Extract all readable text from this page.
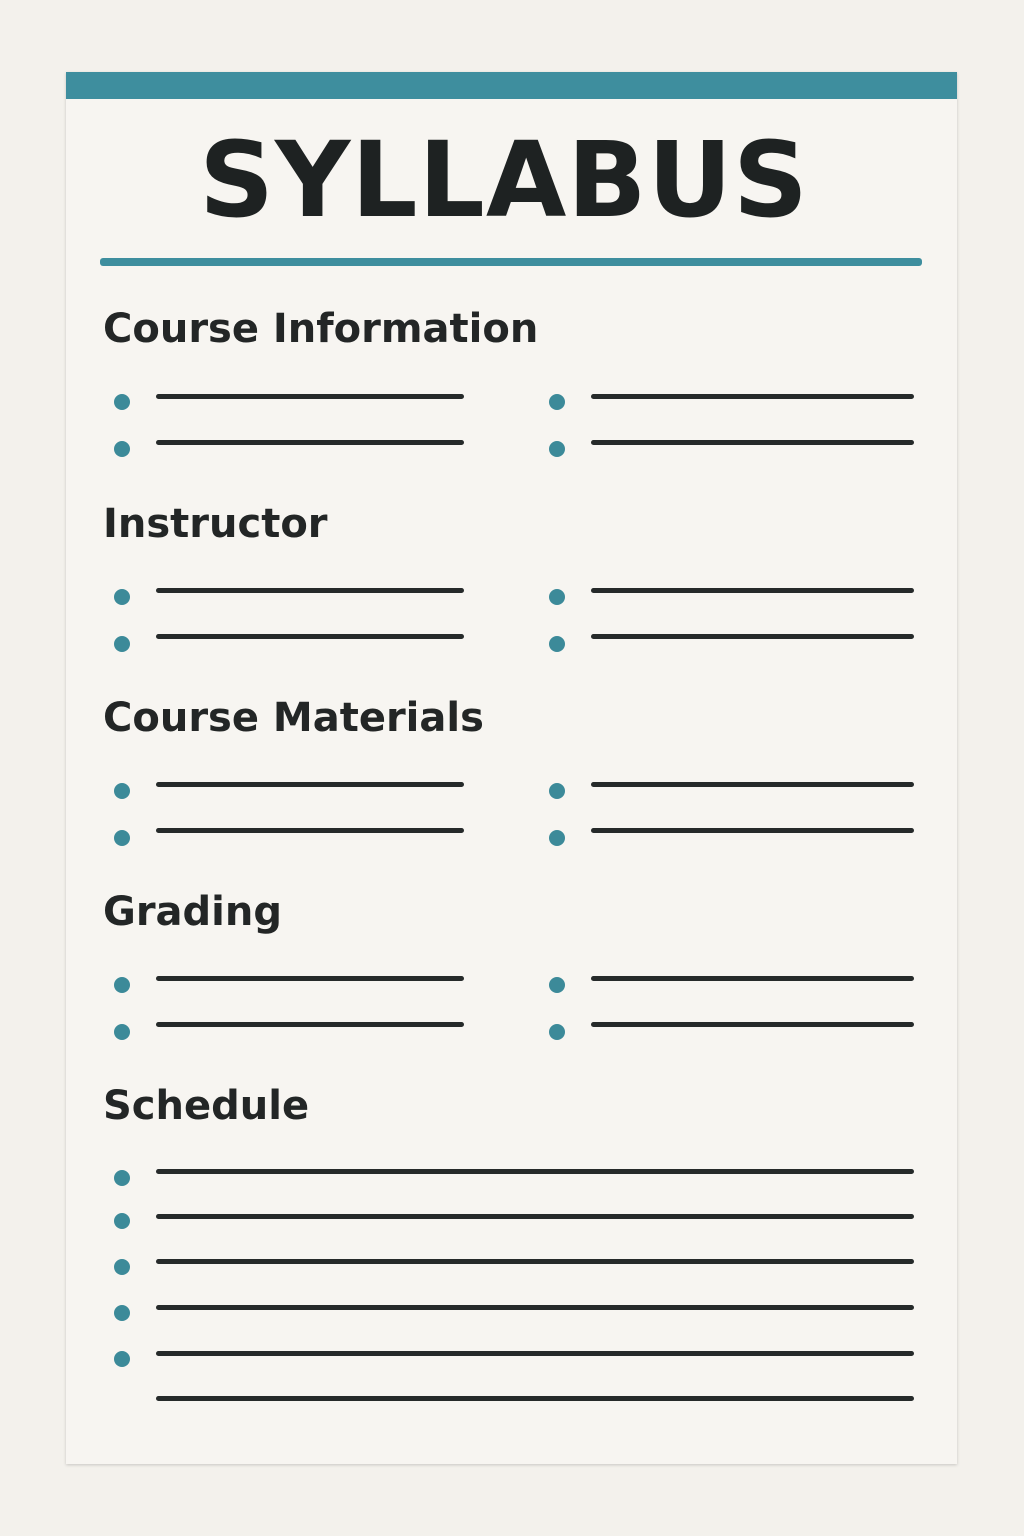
SYLLABUS
Course Information
Instructor
Course Materials
Grading
Schedule
